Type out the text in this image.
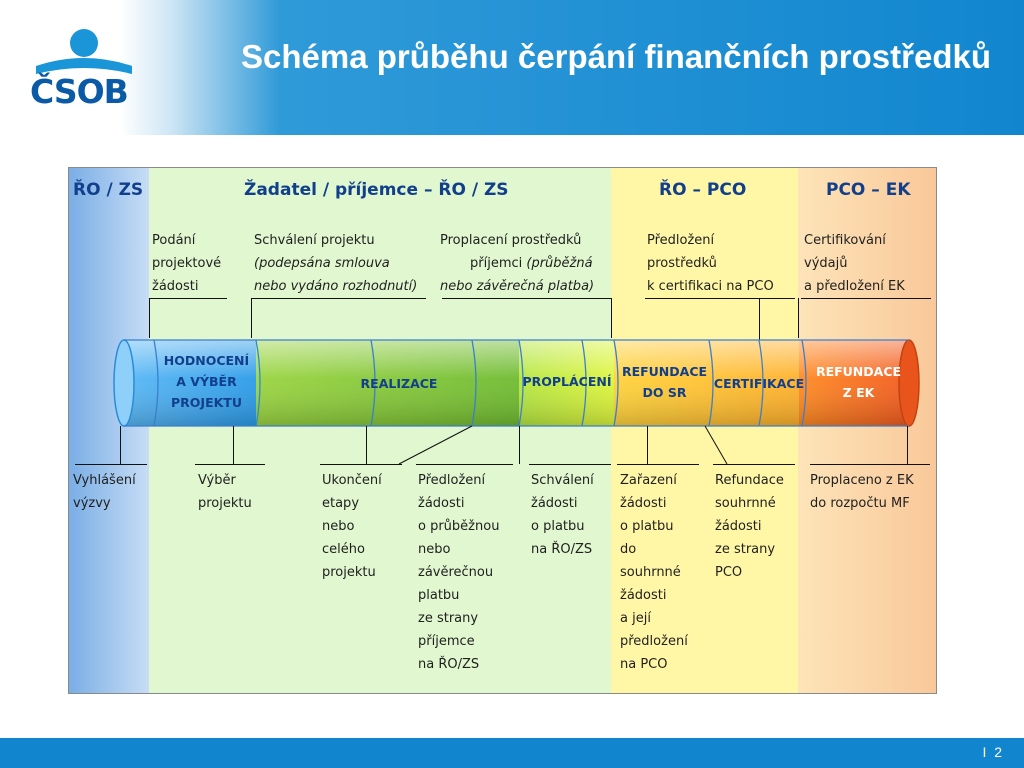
ČSOB
Schéma průběhu čerpání finančních prostředků
ŘO / ZS	Žadatel / příjemce – ŘO / ZS	ŘO – PCO	PCO – EK
Podání
projektové
žádosti
Schválení projektu
(podepsána smlouva
nebo vydáno rozhodnutí)
Proplacení prostředků
příjemci (průběžná
nebo závěrečná platba)
Předložení
prostředků
k certifikaci na PCO
Certifikování
výdajů
a předložení EK
HODNOCENÍ
A VÝBĚR
PROJEKTU
REALIZACE	PROPLÁCENÍ
REFUNDACE
DO SR
CERTIFIKACE
REFUNDACE
Z EK
Vyhlášení
výzvy
Výběr
projektu
Ukončení
etapy
nebo
celého
projektu
Předložení
žádosti
o průběžnou
nebo
závěrečnou
platbu
ze strany
příjemce
na ŘO/ZS
Schválení
žádosti
o platbu
na ŘO/ZS
Zařazení
žádosti
o platbu
do
souhrnné
žádosti
a její
předložení
na PCO
Refundace
souhrnné
žádosti
ze strany
PCO
Proplaceno z EK
do rozpočtu MF
I 2
